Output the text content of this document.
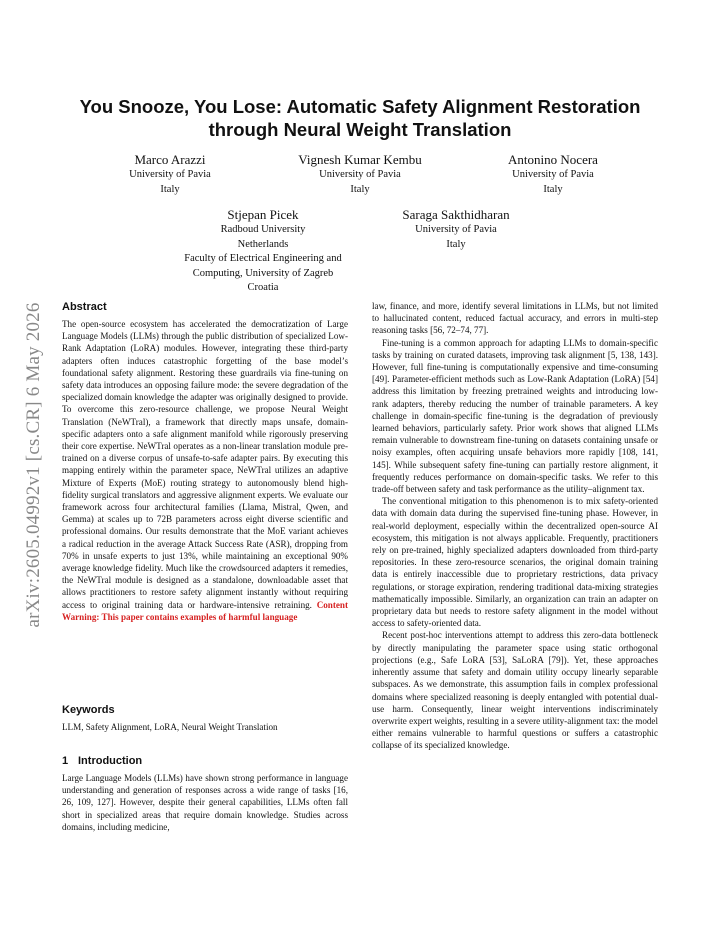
arXiv:2605.04992v1 [cs.CR] 6 May 2026
You Snooze, You Lose: Automatic Safety Alignment Restoration
through Neural Weight Translation
Marco Arazzi
University of Pavia
Italy
Vignesh Kumar Kembu
University of Pavia
Italy
Antonino Nocera
University of Pavia
Italy
Stjepan Picek
Radboud University
Netherlands
Faculty of Electrical Engineering and
Computing, University of Zagreb
Croatia
Saraga Sakthidharan
University of Pavia
Italy
Abstract

The open-source ecosystem has accelerated the democratization of Large Language Models (LLMs) through the public distribution of specialized Low-Rank Adaptation (LoRA) modules. However, integrating these third-party adapters often induces catastrophic forgetting of the base model’s foundational safety alignment. Restoring these guardrails via fine-tuning on safety data introduces an opposing failure mode: the severe degradation of the specialized domain knowledge the adapter was originally designed to provide. To overcome this zero-resource challenge, we propose Neural Weight Translation (NeWTral), a framework that directly maps unsafe, domain-specific adapters onto a safe alignment manifold while rigorously preserving their core expertise. NeWTral operates as a non-linear translation module pre-trained on a diverse corpus of unsafe-to-safe adapter pairs. By executing this mapping entirely within the parameter space, NeWTral utilizes an adaptive Mixture of Experts (MoE) routing strategy to autonomously blend high-fidelity surgical translators and aggressive alignment experts. We evaluate our framework across four architectural families (Llama, Mistral, Qwen, and Gemma) at scales up to 72B parameters across eight diverse scientific and professional domains. Our results demonstrate that the MoE variant achieves a radical reduction in the average Attack Success Rate (ASR), dropping from 70% in unsafe experts to just 13%, while maintaining an exceptional 90% average knowledge fidelity. Much like the crowdsourced adapters it remedies, the NeWTral module is designed as a standalone, downloadable asset that allows practitioners to restore safety alignment instantly without requiring access to original training data or hardware-intensive retraining. Content Warning: This paper contains examples of harmful language

Keywords

LLM, Safety Alignment, LoRA, Neural Weight Translation

1 Introduction

Large Language Models (LLMs) have shown strong performance in language understanding and generation of responses across a wide range of tasks [16, 26, 109, 127]. However, despite their general capabilities, LLMs often fall short in specialized areas that require domain knowledge. Studies across domains, including medicine,

law, finance, and more, identify several limitations in LLMs, but not limited to hallucinated content, reduced factual accuracy, and errors in multi-step reasoning tasks [56, 72–74, 77].

Fine-tuning is a common approach for adapting LLMs to domain-specific tasks by training on curated datasets, improving task alignment [5, 138, 143]. However, full fine-tuning is computationally expensive and time-consuming [49]. Parameter-efficient methods such as Low-Rank Adaptation (LoRA) [54] address this limitation by freezing pretrained weights and introducing low-rank adapters, thereby reducing the number of trainable parameters. A key challenge in domain-specific fine-tuning is the degradation of previously learned behaviors, particularly safety. Prior work shows that aligned LLMs remain vulnerable to downstream fine-tuning on datasets containing unsafe or noisy examples, often acquiring unsafe behaviors more rapidly [108, 141, 145]. While subsequent safety fine-tuning can partially restore alignment, it frequently reduces performance on domain-specific tasks. We refer to this trade-off between safety and task performance as the utility–alignment tax.

The conventional mitigation to this phenomenon is to mix safety-oriented data with domain data during the supervised fine-tuning phase. However, in real-world deployment, especially within the decentralized open-source AI ecosystem, this mitigation is not always applicable. Frequently, practitioners rely on pre-trained, highly specialized adapters downloaded from third-party repositories. In these zero-resource scenarios, the original domain training data is entirely inaccessible due to proprietary restrictions, data privacy regulations, or storage expiration, rendering traditional data-mixing strategies mathematically impossible. Similarly, an organization can train an adapter on proprietary data but needs to restore safety alignment in the model without access to safety-oriented data.

Recent post-hoc interventions attempt to address this zero-data bottleneck by directly manipulating the parameter space using static orthogonal projections (e.g., Safe LoRA [53], SaLoRA [79]). Yet, these approaches inherently assume that safety and domain utility occupy linearly separable subspaces. As we demonstrate, this assumption fails in complex professional domains where specialized reasoning is deeply entangled with potential dual-use harm. Consequently, linear weight interventions indiscriminately overwrite expert weights, resulting in a severe utility-alignment tax: the model either remains vulnerable to harmful questions or suffers a catastrophic collapse of its specialized knowledge.
